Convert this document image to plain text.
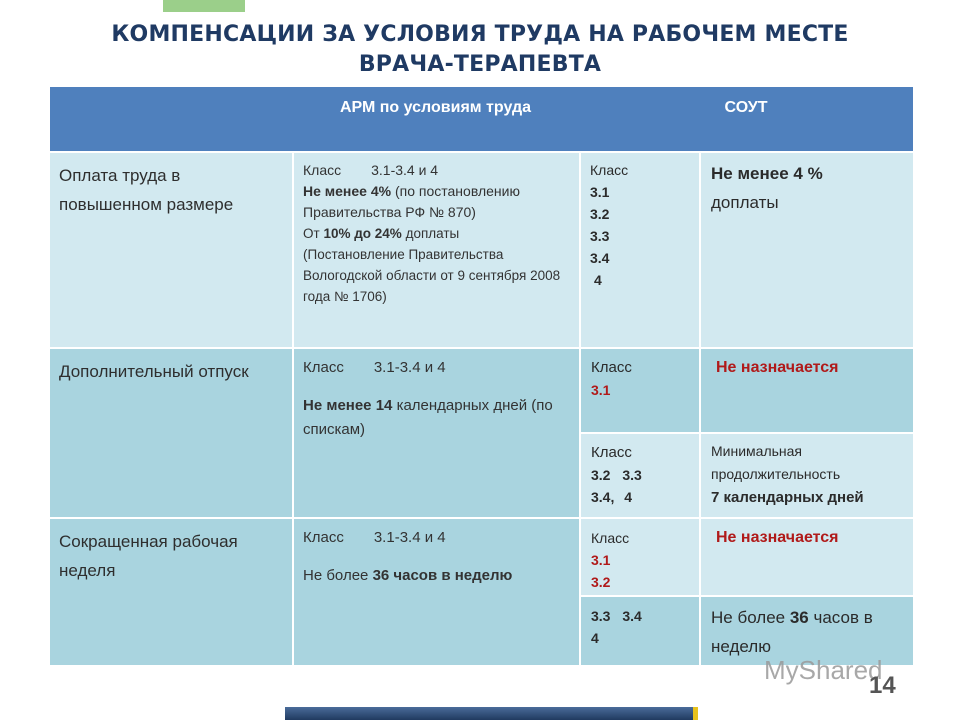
КОМПЕНСАЦИИ ЗА УСЛОВИЯ ТРУДА НА РАБОЧЕМ МЕСТЕ
ВРАЧА-ТЕРАПЕВТА
АРМ по условиям труда	СОУТ
Оплата труда в повышенном размере
Класс 3.1-3.4 и 4
Не менее 4% (по постановлению Правительства РФ № 870)
От 10% до 24% доплаты
(Постановление Правительства Вологодской области от 9 сентября 2008 года № 1706)
Класс
3.1
3.2
3.3
3.4
4
Не менее 4 %
доплаты
Дополнительный отпуск	Класс 3.1-3.4 и 4
Не менее 14 календарных дней (по спискам)
Класс
3.1
Не назначается
Класс
3.2 3.3
3.4, 4
Минимальная продолжительность
7 календарных дней
Сокращенная рабочая неделя
Класс 3.1-3.4 и 4
Не более 36 часов в неделю
Класс
3.1
3.2
Не назначается
3.3 3.4
4
Не более 36 часов в неделю
MyShared
14
